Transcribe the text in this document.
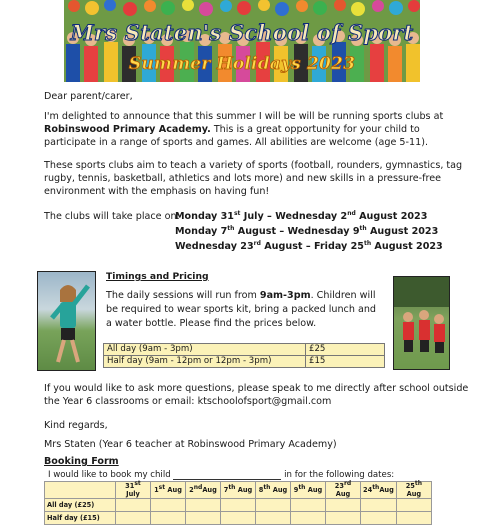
Mrs Staten's School of Sport
Summer Holidays 2023
Dear parent/carer,
I'm delighted to announce that this summer I will be will be running sports clubs at Robinswood Primary Academy. This is a great opportunity for your child to participate in a range of sports and games. All abilities are welcome (age 5-11).
These sports clubs aim to teach a variety of sports (football, rounders, gymnastics, tag rugby, tennis, basketball, athletics and lots more) and new skills in a pressure-free environment with the emphasis on having fun!
The clubs will take place on:Monday 31st July – Wednesday 2nd August 2023
Monday 7th August – Wednesday 9th August 2023
Wednesday 23rd August – Friday 25th August 2023
Timings and Pricing
The daily sessions will run from 9am-3pm. Children will be required to wear sports kit, bring a packed lunch and a water bottle. Please find the prices below.
All day (9am - 3pm)	£25
Half day (9am - 12pm or 12pm - 3pm)	£15
If you would like to ask more questions, please speak to me directly after school outside the Year 6 classrooms or email: ktschoolofsport@gmail.com
Kind regards,
Mrs Staten (Year 6 teacher at Robinswood Primary Academy)
Booking Form
I would like to book my child	in for the following dates:
	31st July	1st Aug	2ndAug	7th Aug	8th Aug	9th Aug	23rd Aug	24thAug	25th Aug
All day (£25)									
Half day (£15)									
